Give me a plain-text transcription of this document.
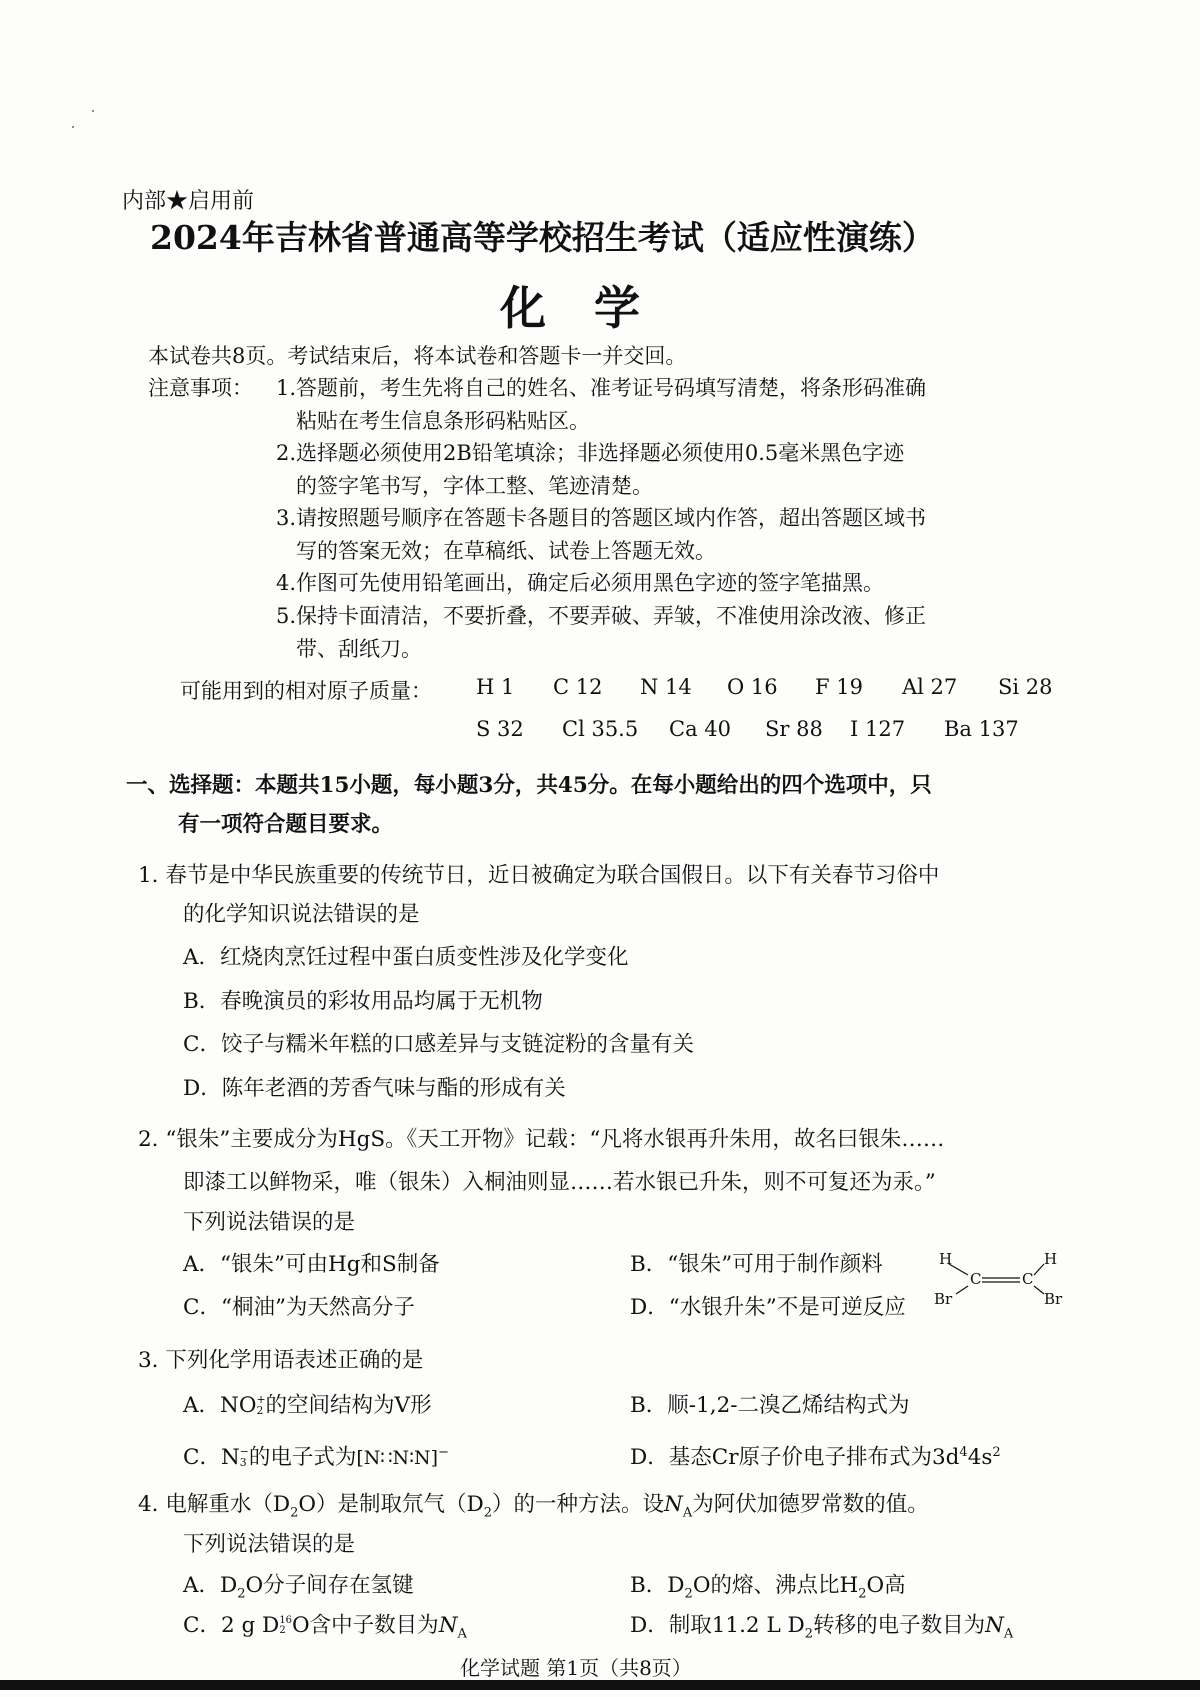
内部★启用前
2024年吉林省普通高等学校招生考试（适应性演练）
化学
本试卷共8页。考试结束后，将本试卷和答题卡一并交回。
注意事项： 1.答题前，考生先将自己的姓名、准考证号码填写清楚，将条形码准确
粘贴在考生信息条形码粘贴区。
2.选择题必须使用2B铅笔填涂；非选择题必须使用0.5毫米黑色字迹
的签字笔书写，字体工整、笔迹清楚。
3.请按照题号顺序在答题卡各题目的答题区域内作答，超出答题区域书
写的答案无效；在草稿纸、试卷上答题无效。
4.作图可先使用铅笔画出，确定后必须用黑色字迹的签字笔描黑。
5.保持卡面清洁，不要折叠，不要弄破、弄皱，不准使用涂改液、修正
带、刮纸刀。
可能用到的相对原子质量： H 1 C 12 N 14 O 16 F 19 Al 27 Si 28
S 32 Cl 35.5 Ca 40 Sr 88 I 127 Ba 137
一、选择题：本题共15小题，每小题3分，共45分。在每小题给出的四个选项中，只
有一项符合题目要求。
1. 春节是中华民族重要的传统节日，近日被确定为联合国假日。以下有关春节习俗中
的化学知识说法错误的是
A．红烧肉烹饪过程中蛋白质变性涉及化学变化
B．春晚演员的彩妆用品均属于无机物
C．饺子与糯米年糕的口感差异与支链淀粉的含量有关
D．陈年老酒的芳香气味与酯的形成有关
2. “银朱”主要成分为HgS。《天工开物》记载：“凡将水银再升朱用，故名曰银朱……
即漆工以鲜物采，唯（银朱）入桐油则显……若水银已升朱，则不可复还为汞。”
下列说法错误的是
A．“银朱”可由Hg和S制备	B．“银朱”可用于制作颜料
C．“桐油”为天然高分子	D．“水银升朱”不是可逆反应
3. 下列化学用语表述正确的是
A．NO +
2 的空间结构为V形	B．顺-1,2-二溴乙烯结构式为
H	H
C	C
Br	Br
C．N −
3 的电子式为[N∷N∶N]−	D．基态Cr原子价电子排布式为$3d^44s^2$
4. 电解重水$(D_2O)$是制取氘气$(D_2)$的一种方法。设$N_A$为阿伏加德罗常数的值。
下列说法错误的是
A．$D_2O$分子间存在氢键	B．$D_2O$的熔、沸点比$H_2O$高
C．2 g D 16
2 O含中子数目为$N_A$	D．制取11.2 L $D_2$转移的电子数目为$N_A$
化学试题 第1页（共8页）
